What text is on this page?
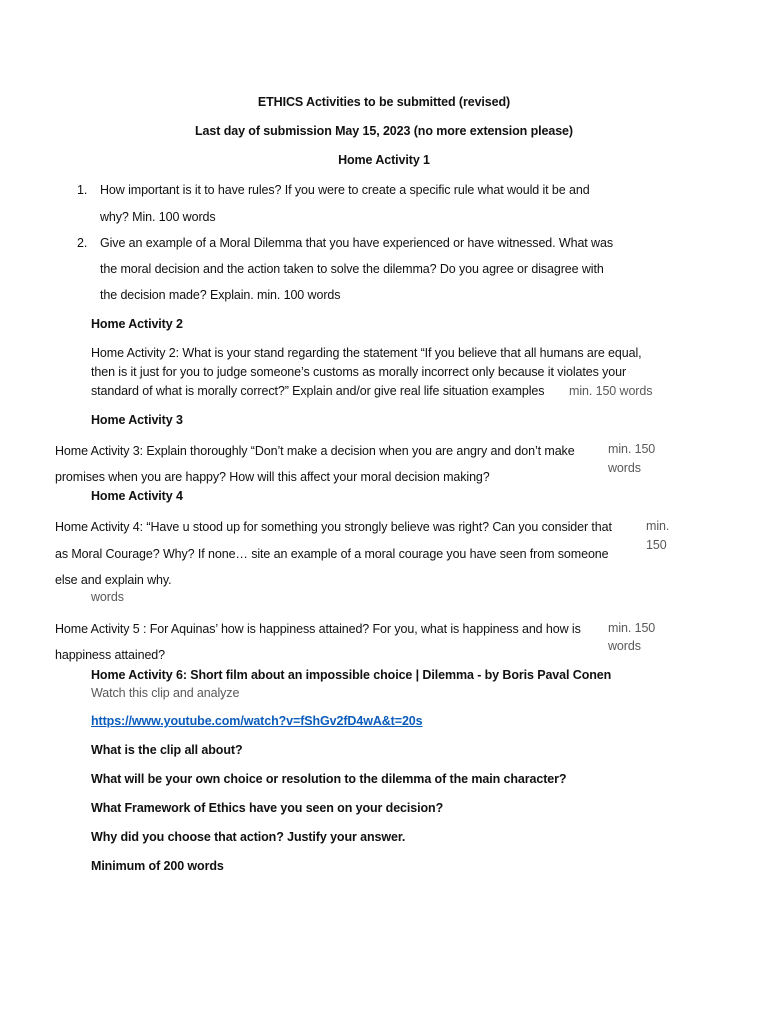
ETHICS Activities to be submitted (revised)
Last day of submission May 15, 2023 (no more extension please)
Home Activity 1
1. How important is it to have rules? If you were to create a specific rule what would it be and
why? Min. 100 words
2. Give an example of a Moral Dilemma that you have experienced or have witnessed. What was
the moral decision and the action taken to solve the dilemma? Do you agree or disagree with
the decision made? Explain. min. 100 words
Home Activity 2
Home Activity 2: What is your stand regarding the statement “If you believe that all humans are equal,
then is it just for you to judge someone’s customs as morally incorrect only because it violates your
standard of what is morally correct?” Explain and/or give real life situation examples min. 150 words
Home Activity 3
Home Activity 3: Explain thoroughly “Don’t make a decision when you are angry and don’t make
promises when you are happy? How will this affect your moral decision making?
min. 150
words
Home Activity 4
Home Activity 4: “Have u stood up for something you strongly believe was right? Can you consider that
as Moral Courage? Why? If none… site an example of a moral courage you have seen from someone
else and explain why.
min.
150
words
Home Activity 5 : For Aquinas’ how is happiness attained? For you, what is happiness and how is
happiness attained?
min. 150
words
Home Activity 6: Short film about an impossible choice | Dilemma - by Boris Paval Conen
Watch this clip and analyze
https://www.youtube.com/watch?v=fShGv2fD4wA&t=20s
What is the clip all about?
What will be your own choice or resolution to the dilemma of the main character?
What Framework of Ethics have you seen on your decision?
Why did you choose that action? Justify your answer.
Minimum of 200 words
